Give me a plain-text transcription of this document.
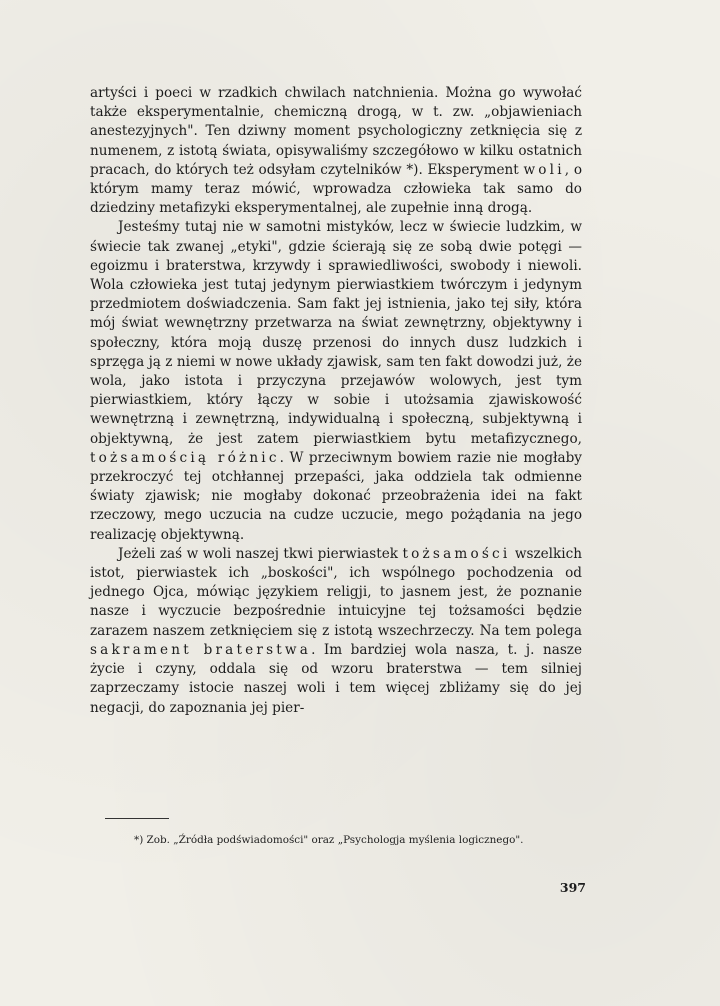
artyści i poeci w rzadkich chwilach natchnienia. Można go wywołać także eksperymentalnie, chemiczną drogą, w t. zw. „objawieniach anestezyjnych". Ten dziwny moment psychologiczny zetknięcia się z numenem, z istotą świata, opisywaliśmy szczegółowo w kilku ostatnich pracach, do których też odsyłam czytelników *). Eksperyment woli, o którym mamy teraz mówić, wprowadza człowieka tak samo do dziedziny metafizyki eksperymentalnej, ale zupełnie inną drogą.

Jesteśmy tutaj nie w samotni mistyków, lecz w świecie ludzkim, w świecie tak zwanej „etyki", gdzie ścierają się ze sobą dwie potęgi — egoizmu i braterstwa, krzywdy i sprawiedliwości, swobody i niewoli. Wola człowieka jest tutaj jedynym pierwiastkiem twórczym i jedynym przedmiotem doświadczenia. Sam fakt jej istnienia, jako tej siły, która mój świat wewnętrzny przetwarza na świat zewnętrzny, objektywny i społeczny, która moją duszę przenosi do innych dusz ludzkich i sprzęga ją z niemi w nowe układy zjawisk, sam ten fakt dowodzi już, że wola, jako istota i przyczyna przejawów wolowych, jest tym pierwiastkiem, który łączy w sobie i utożsamia zjawiskowość wewnętrzną i zewnętrzną, indywidualną i społeczną, subjektywną i objektywną, że jest zatem pierwiastkiem bytu metafizycznego, tożsamością różnic. W przeciwnym bowiem razie nie mogłaby przekroczyć tej otchłannej przepaści, jaka oddziela tak odmienne światy zjawisk; nie mogłaby dokonać przeobrażenia idei na fakt rzeczowy, mego uczucia na cudze uczucie, mego pożądania na jego realizację objektywną.

Jeżeli zaś w woli naszej tkwi pierwiastek tożsamości wszelkich istot, pierwiastek ich „boskości", ich wspólnego pochodzenia od jednego Ojca, mówiąc językiem religji, to jasnem jest, że poznanie nasze i wyczucie bezpośrednie intuicyjne tej tożsamości będzie zarazem naszem zetknięciem się z istotą wszechrzeczy. Na tem polega sakrament braterstwa. Im bardziej wola nasza, t. j. nasze życie i czyny, oddala się od wzoru braterstwa — tem silniej zaprzeczamy istocie naszej woli i tem więcej zbliżamy się do jej negacji, do zapoznania jej pier-

*) Zob. „Źródła podświadomości" oraz „Psychologja myślenia logicznego".
397
